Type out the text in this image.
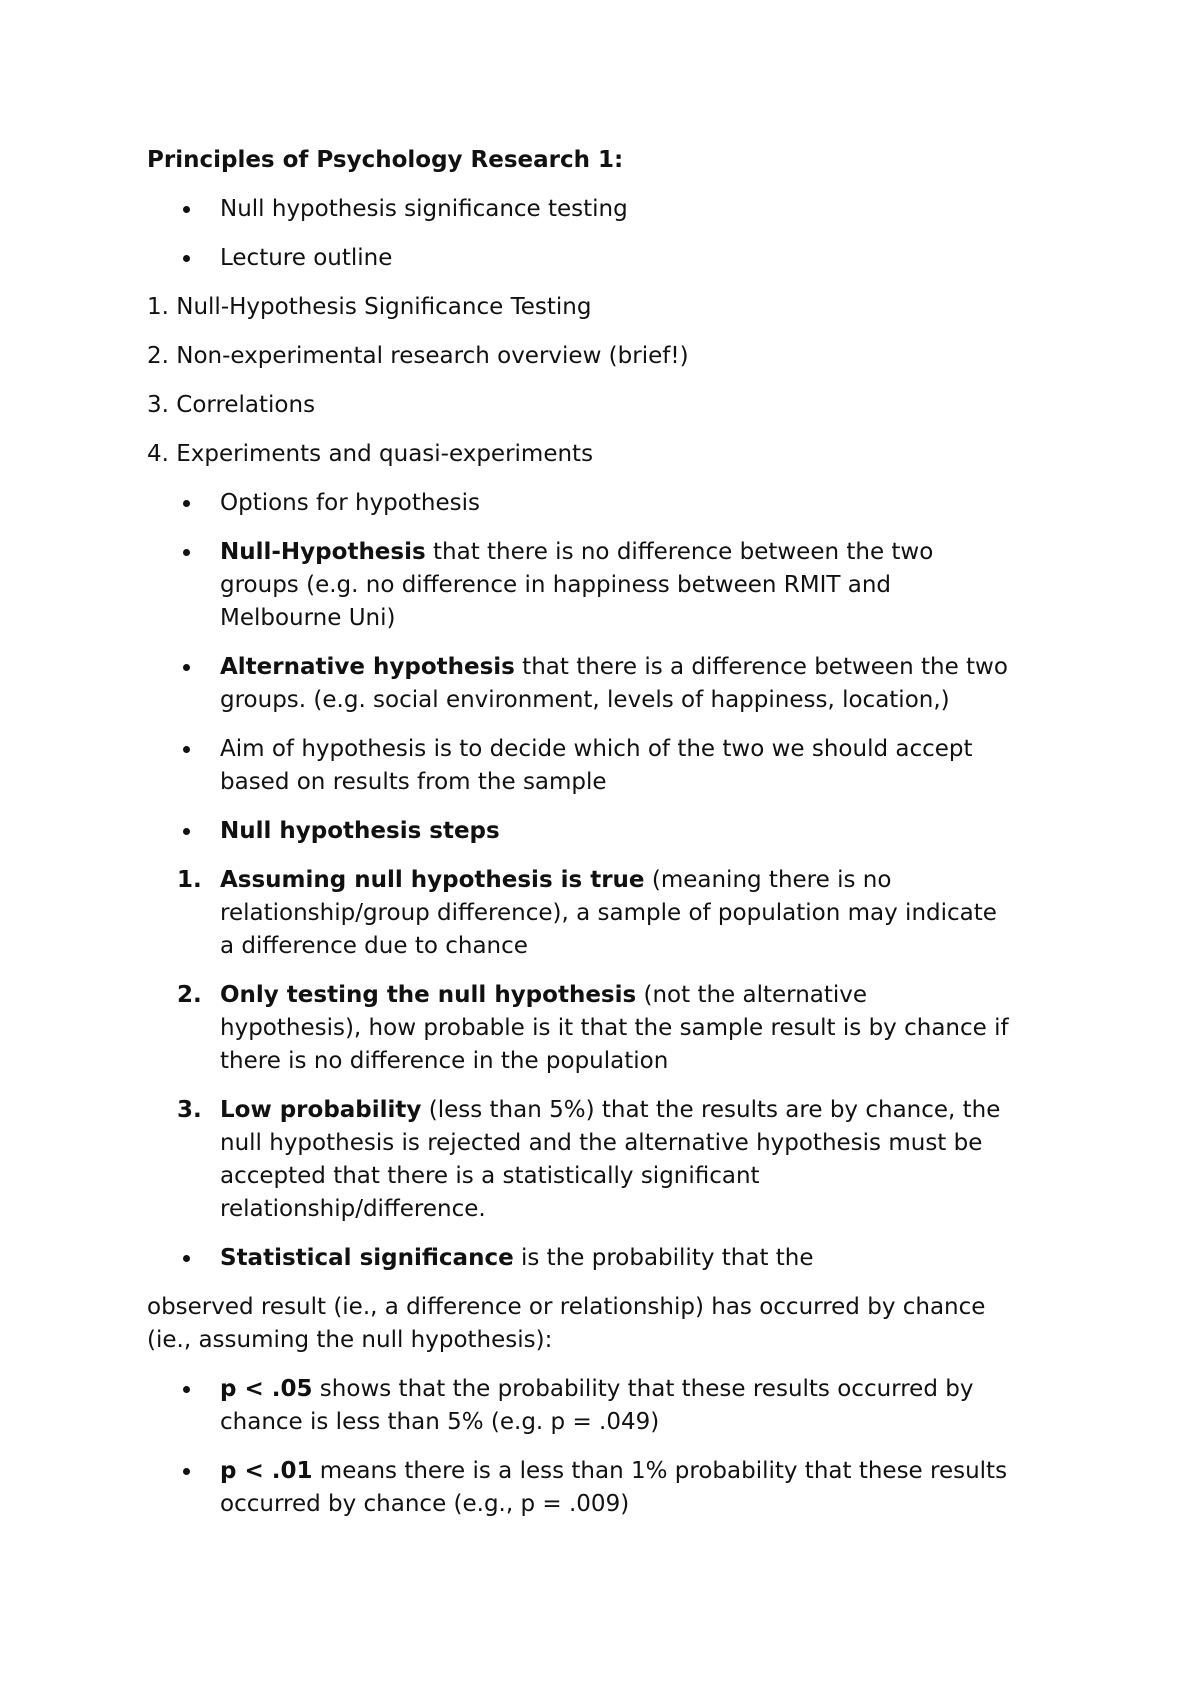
Principles of Psychology Research 1:
Null hypothesis significance testing
Lecture outline
1. Null-Hypothesis Significance Testing
2. Non-experimental research overview (brief!)
3. Correlations
4. Experiments and quasi-experiments
Options for hypothesis
Null-Hypothesis that there is no difference between the two
groups (e.g. no difference in happiness between RMIT and
Melbourne Uni)
Alternative hypothesis that there is a difference between the two
groups. (e.g. social environment, levels of happiness, location,)
Aim of hypothesis is to decide which of the two we should accept
based on results from the sample
Null hypothesis steps
1. Assuming null hypothesis is true (meaning there is no
relationship/group difference), a sample of population may indicate
a difference due to chance
2. Only testing the null hypothesis (not the alternative
hypothesis), how probable is it that the sample result is by chance if
there is no difference in the population
3. Low probability (less than 5%) that the results are by chance, the
null hypothesis is rejected and the alternative hypothesis must be
accepted that there is a statistically significant
relationship/difference.
Statistical significance is the probability that the
observed result (ie., a difference or relationship) has occurred by chance
(ie., assuming the null hypothesis):
p < .05 shows that the probability that these results occurred by
chance is less than 5% (e.g. p = .049)
p < .01 means there is a less than 1% probability that these results
occurred by chance (e.g., p = .009)
